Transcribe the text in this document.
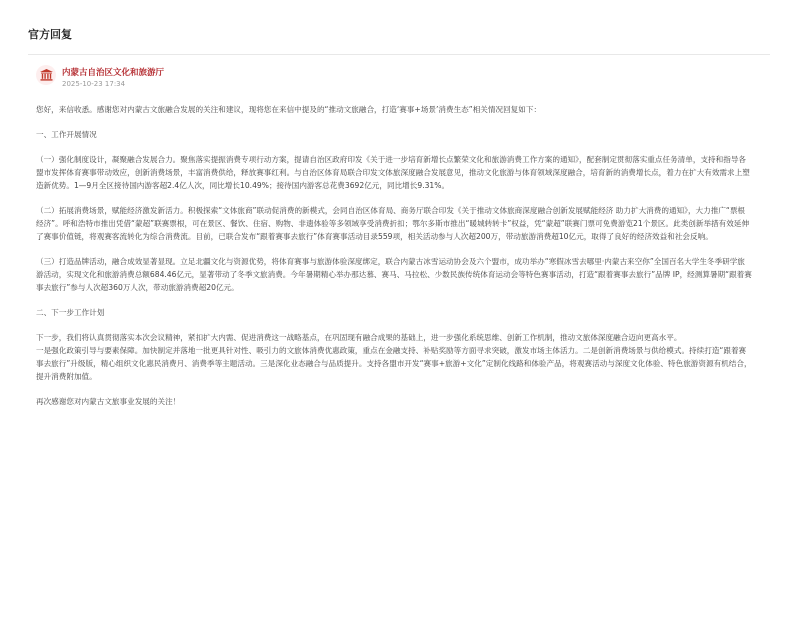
官方回复
内蒙古自治区文化和旅游厅
2025-10-23 17:34

您好，来信收悉。感谢您对内蒙古文旅融合发展的关注和建议，现将您在来信中提及的“推动文旅融合，打造‘赛事+场景’消费生态”相关情况回复如下：

一、工作开展情况

（一）强化制度设计，凝聚融合发展合力。聚焦落实提振消费专项行动方案，提请自治区政府印发《关于进一步培育新增长点繁荣文化和旅游消费工作方案的通知》，配套制定贯彻落实重点任务清单，支持和指导各盟市发挥体育赛事带动效应，创新消费场景，丰富消费供给，释放赛事红利。与自治区体育局联合印发文体旅深度融合发展意见，推动文化旅游与体育领域深度融合，培育新的消费增长点，着力在扩大有效需求上塑造新优势。1—9月全区接待国内游客超2.4亿人次，同比增长10.49%；接待国内游客总花费3692亿元，同比增长9.31%。

（二）拓展消费场景，赋能经济激发新活力。积极探索“文体旅商”联动促消费的新模式，会同自治区体育局、商务厅联合印发《关于推动文体旅商深度融合创新发展赋能经济 助力扩大消费的通知》，大力推广“票根经济”。呼和浩特市推出凭借“蒙超”联赛票根，可在景区、餐饮、住宿、购物、非遗体验等多领域享受消费折扣；鄂尔多斯市推出“暖城转转卡”权益，凭“蒙超”联赛门票可免费游览21个景区。此类创新举措有效延伸了赛事价值链，将观赛客流转化为综合消费流。目前，已联合发布“跟着赛事去旅行”体育赛事活动目录559项，相关活动参与人次超200万，带动旅游消费超10亿元，取得了良好的经济效益和社会反响。

（三）打造品牌活动，融合成效显著显现。立足北疆文化与资源优势，将体育赛事与旅游体验深度绑定，联合内蒙古冰雪运动协会及六个盟市，成功举办“寒假冰雪去哪里·内蒙古来空你”全国百名大学生冬季研学旅游活动，实现文化和旅游消费总额684.46亿元，显著带动了冬季文旅消费。今年暑期精心举办那达慕、赛马、马拉松、少数民族传统体育运动会等特色赛事活动，打造“跟着赛事去旅行”品牌 IP，经测算暑期“跟着赛事去旅行”参与人次超360万人次，带动旅游消费超20亿元。

二、下一步工作计划

下一步，我们将认真贯彻落实本次会议精神，紧扣扩大内需、促进消费这一战略基点，在巩固现有融合成果的基础上，进一步强化系统思维、创新工作机制，推动文旅体深度融合迈向更高水平。

一是强化政策引导与要素保障。加快制定并落地一批更具针对性、吸引力的文旅体消费优惠政策，重点在金融支持、补贴奖励等方面寻求突破，激发市场主体活力。二是创新消费场景与供给模式。持续打造“跟着赛事去旅行”升级版，精心组织文化惠民消费月、消费季等主题活动。三是深化业态融合与品质提升。支持各盟市开发“赛事+旅游+文化”定制化线路和体验产品，将观赛活动与深度文化体验、特色旅游资源有机结合，提升消费附加值。

再次感谢您对内蒙古文旅事业发展的关注！
